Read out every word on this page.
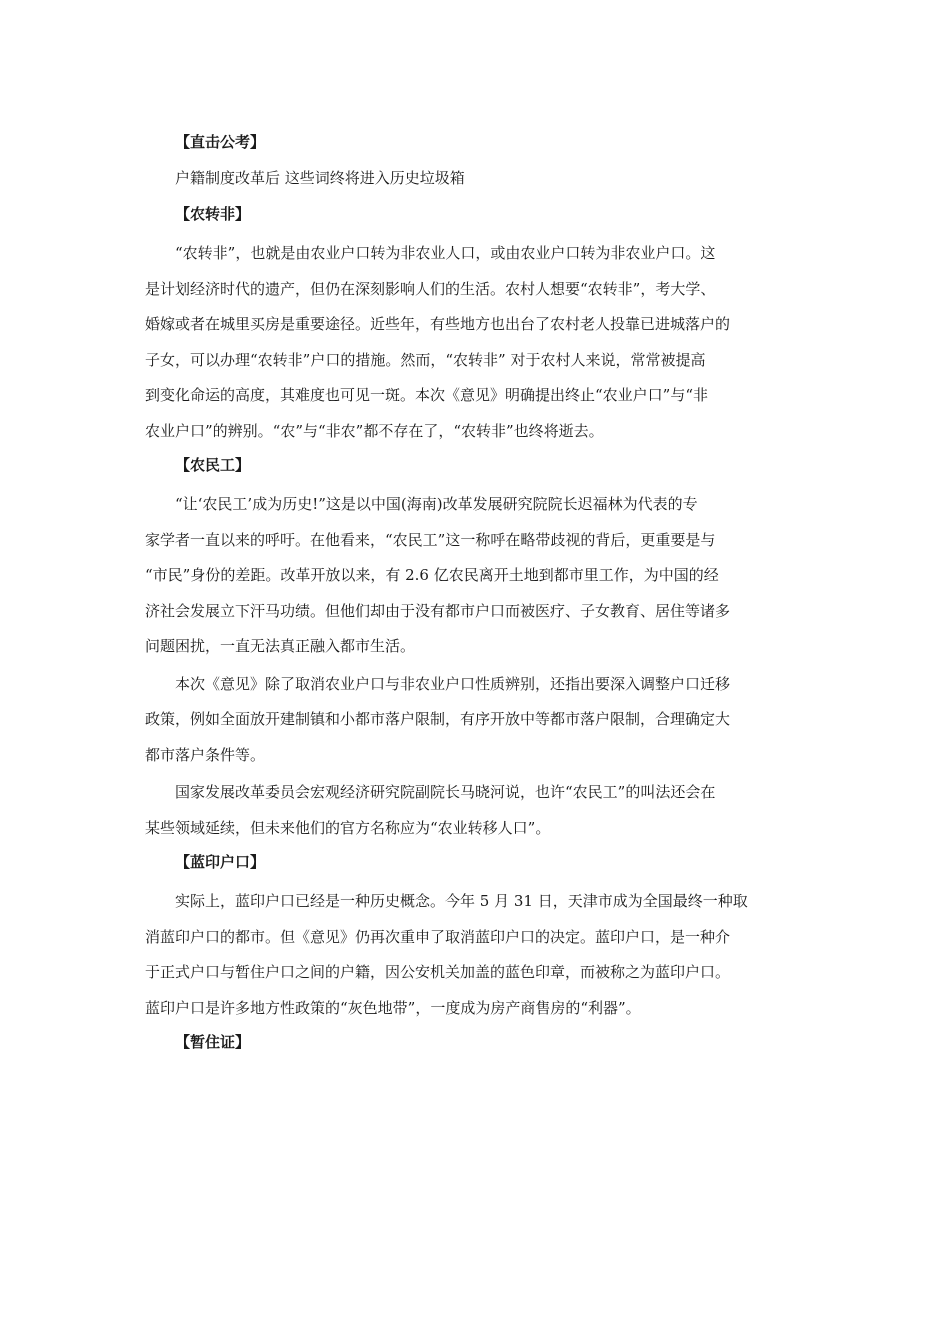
【直击公考】
户籍制度改革后 这些词终将进入历史垃圾箱
【农转非】
“农转非”，也就是由农业户口转为非农业人口，或由农业户口转为非农业户口。这
是计划经济时代的遗产，但仍在深刻影响人们的生活。农村人想要“农转非”，考大学、
婚嫁或者在城里买房是重要途径。近些年，有些地方也出台了农村老人投靠已进城落户的
子女，可以办理“农转非”户口的措施。然而，“农转非” 对于农村人来说，常常被提高
到变化命运的高度，其难度也可见一斑。本次《意见》明确提出终止“农业户口”与“非
农业户口”的辨别。“农”与“非农”都不存在了，“农转非”也终将逝去。
【农民工】
“让‘农民工’成为历史!”这是以中国(海南)改革发展研究院院长迟福林为代表的专
家学者一直以来的呼吁。在他看来，“农民工”这一称呼在略带歧视的背后，更重要是与
“市民”身份的差距。改革开放以来，有 2.6 亿农民离开土地到都市里工作，为中国的经
济社会发展立下汗马功绩。但他们却由于没有都市户口而被医疗、子女教育、居住等诸多
问题困扰，一直无法真正融入都市生活。
本次《意见》除了取消农业户口与非农业户口性质辨别，还指出要深入调整户口迁移
政策，例如全面放开建制镇和小都市落户限制，有序开放中等都市落户限制，合理确定大
都市落户条件等。
国家发展改革委员会宏观经济研究院副院长马晓河说，也许“农民工”的叫法还会在
某些领域延续，但未来他们的官方名称应为“农业转移人口”。
【蓝印户口】
实际上，蓝印户口已经是一种历史概念。今年 5 月 31 日，天津市成为全国最终一种取
消蓝印户口的都市。但《意见》仍再次重申了取消蓝印户口的决定。蓝印户口，是一种介
于正式户口与暂住户口之间的户籍，因公安机关加盖的蓝色印章，而被称之为蓝印户口。
蓝印户口是许多地方性政策的“灰色地带”，一度成为房产商售房的“利器”。
【暂住证】
